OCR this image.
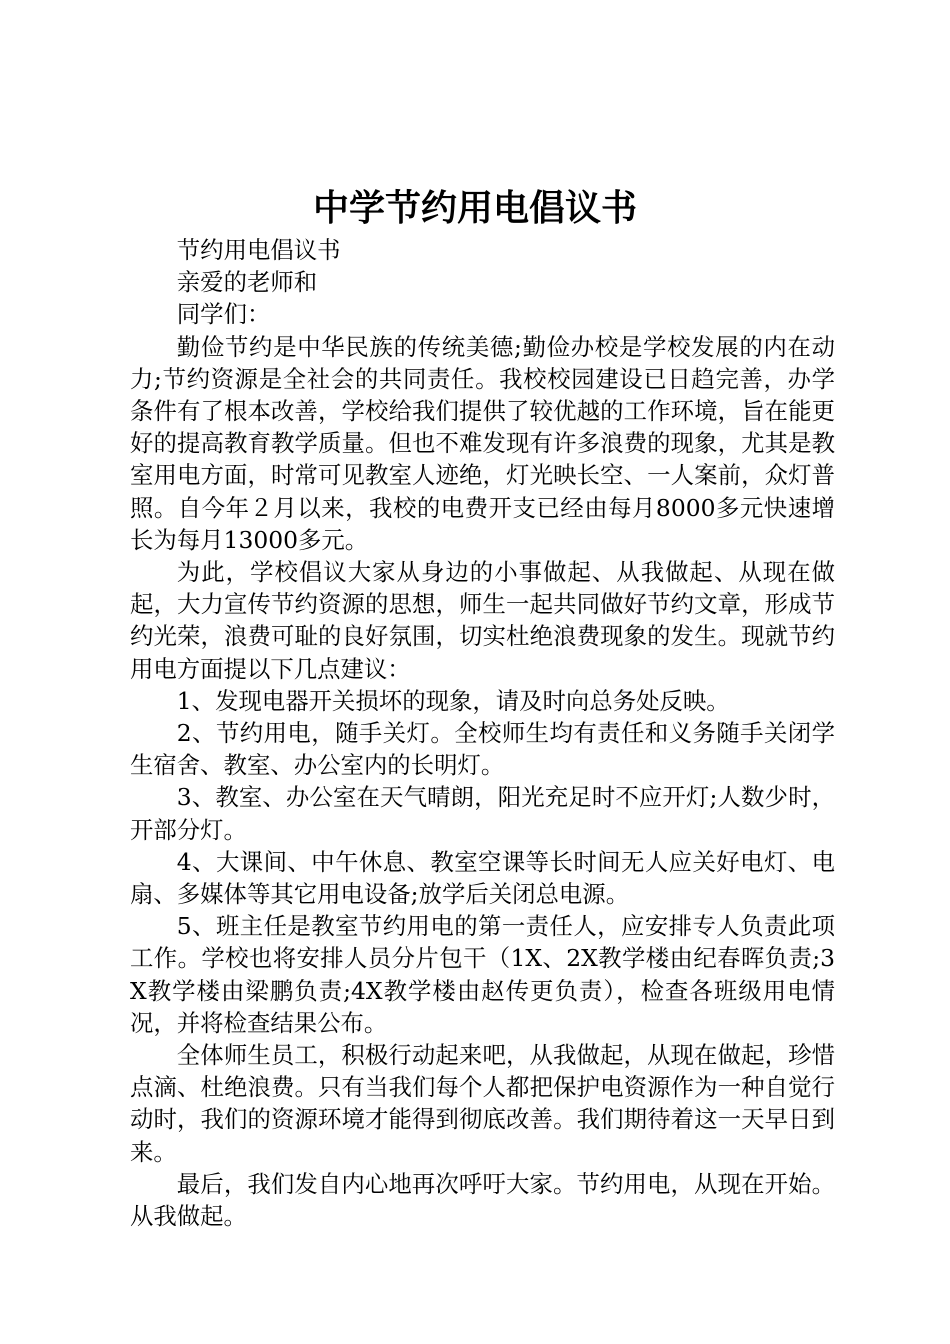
中学节约用电倡议书

节约用电倡议书

亲爱的老师和

同学们：

勤俭节约是中华民族的传统美德;勤俭办校是学校发展的内在动力;节约资源是全社会的共同责任。我校校园建设已日趋完善，办学条件有了根本改善，学校给我们提供了较优越的工作环境，旨在能更好的提高教育教学质量。但也不难发现有许多浪费的现象，尤其是教室用电方面，时常可见教室人迹绝，灯光映长空、一人案前，众灯普照。自今年２月以来，我校的电费开支已经由每月8000多元快速增长为每月13000多元。

为此，学校倡议大家从身边的小事做起、从我做起、从现在做起，大力宣传节约资源的思想，师生一起共同做好节约文章，形成节约光荣，浪费可耻的良好氛围，切实杜绝浪费现象的发生。现就节约用电方面提以下几点建议：

1、发现电器开关损坏的现象，请及时向总务处反映。

2、节约用电，随手关灯。全校师生均有责任和义务随手关闭学生宿舍、教室、办公室内的长明灯。

3、教室、办公室在天气晴朗，阳光充足时不应开灯;人数少时，开部分灯。

4、大课间、中午休息、教室空课等长时间无人应关好电灯、电扇、多媒体等其它用电设备;放学后关闭总电源。

5、班主任是教室节约用电的第一责任人，应安排专人负责此项工作。学校也将安排人员分片包干（1X、2X教学楼由纪春晖负责;3X教学楼由梁鹏负责;4X教学楼由赵传更负责），检查各班级用电情况，并将检查结果公布。

全体师生员工，积极行动起来吧，从我做起，从现在做起，珍惜点滴、杜绝浪费。只有当我们每个人都把保护电资源作为一种自觉行动时，我们的资源环境才能得到彻底改善。我们期待着这一天早日到来。

最后，我们发自内心地再次呼吁大家。节约用电，从现在开始。从我做起。
